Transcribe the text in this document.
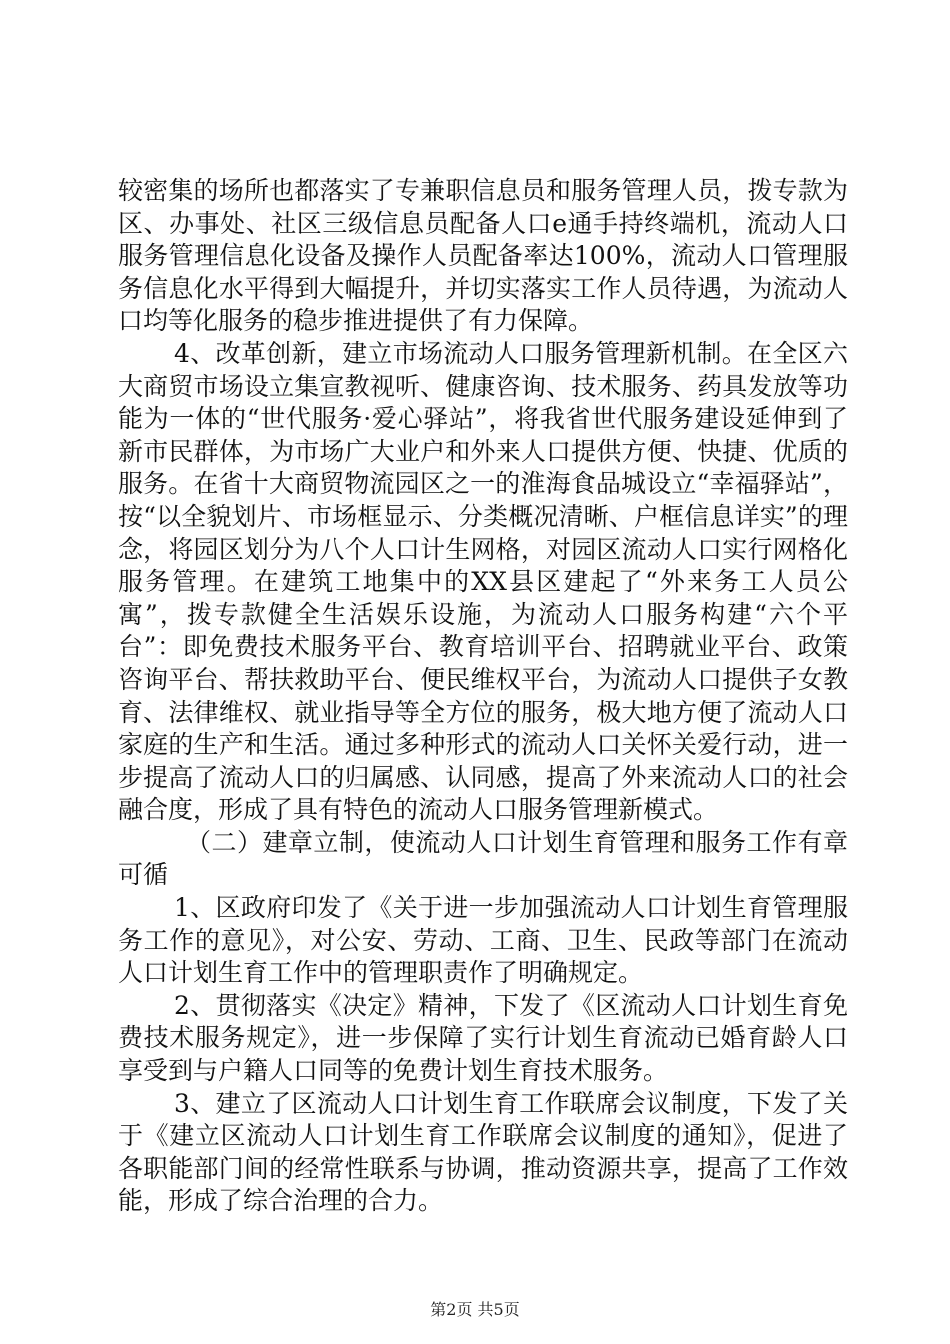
较密集的场所也都落实了专兼职信息员和服务管理人员，拨专款为区、办事处、社区三级信息员配备人口e通手持终端机，流动人口服务管理信息化设备及操作人员配备率达100%，流动人口管理服务信息化水平得到大幅提升，并切实落实工作人员待遇，为流动人口均等化服务的稳步推进提供了有力保障。

4、改革创新，建立市场流动人口服务管理新机制。在全区六大商贸市场设立集宣教视听、健康咨询、技术服务、药具发放等功能为一体的“世代服务·爱心驿站”，将我省世代服务建设延伸到了新市民群体，为市场广大业户和外来人口提供方便、快捷、优质的服务。在省十大商贸物流园区之一的淮海食品城设立“幸福驿站”，按“以全貌划片、市场框显示、分类概况清晰、户框信息详实”的理念，将园区划分为八个人口计生网格，对园区流动人口实行网格化服务管理。在建筑工地集中的XX县区建起了“外来务工人员公寓”，拨专款健全生活娱乐设施，为流动人口服务构建“六个平台”：即免费技术服务平台、教育培训平台、招聘就业平台、政策咨询平台、帮扶救助平台、便民维权平台，为流动人口提供子女教育、法律维权、就业指导等全方位的服务，极大地方便了流动人口家庭的生产和生活。通过多种形式的流动人口关怀关爱行动，进一步提高了流动人口的归属感、认同感，提高了外来流动人口的社会融合度，形成了具有特色的流动人口服务管理新模式。

（二）建章立制，使流动人口计划生育管理和服务工作有章可循

1、区政府印发了《关于进一步加强流动人口计划生育管理服务工作的意见》，对公安、劳动、工商、卫生、民政等部门在流动人口计划生育工作中的管理职责作了明确规定。

2、贯彻落实《决定》精神，下发了《区流动人口计划生育免费技术服务规定》，进一步保障了实行计划生育流动已婚育龄人口享受到与户籍人口同等的免费计划生育技术服务。

3、建立了区流动人口计划生育工作联席会议制度，下发了关于《建立区流动人口计划生育工作联席会议制度的通知》，促进了各职能部门间的经常性联系与协调，推动资源共享，提高了工作效能，形成了综合治理的合力。

第2页 共5页
